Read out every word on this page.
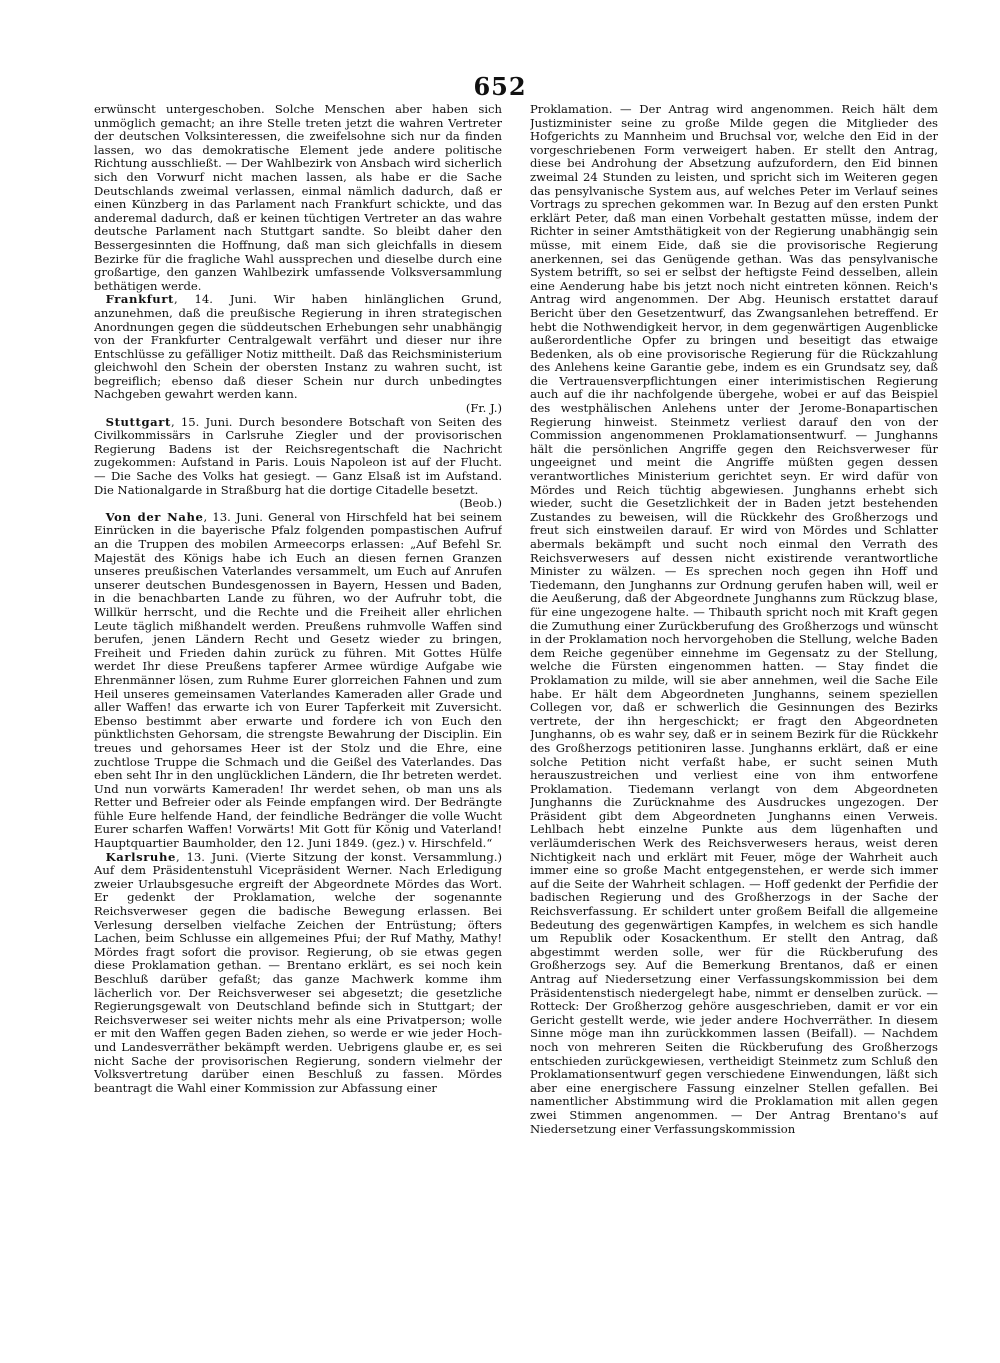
652

erwünscht untergeschoben. Solche Menschen aber haben sich unmöglich gemacht; an ihre Stelle treten jetzt die wahren Vertreter der deutschen Volksinteressen, die zweifelsohne sich nur da finden lassen, wo das demokratische Element jede andere politische Richtung ausschließt. — Der Wahlbezirk von Ansbach wird sicherlich sich den Vorwurf nicht machen lassen, als habe er die Sache Deutschlands zweimal verlassen, einmal nämlich dadurch, daß er einen Künzberg in das Parlament nach Frankfurt schickte, und das anderemal dadurch, daß er keinen tüchtigen Vertreter an das wahre deutsche Parlament nach Stuttgart sandte. So bleibt daher den Bessergesinnten die Hoffnung, daß man sich gleichfalls in diesem Bezirke für die fragliche Wahl aussprechen und dieselbe durch eine großartige, den ganzen Wahlbezirk umfassende Volksversammlung bethätigen werde.

 Frankfurt, 14. Juni. Wir haben hinlänglichen Grund, anzunehmen, daß die preußische Regierung in ihren strategischen Anordnungen gegen die süddeutschen Erhebungen sehr unabhängig von der Frankfurter Centralgewalt verfährt und dieser nur ihre Entschlüsse zu gefälliger Notiz mittheilt. Daß das Reichsministerium gleichwohl den Schein der obersten Instanz zu wahren sucht, ist begreiflich; ebenso daß dieser Schein nur durch unbedingtes Nachgeben gewahrt werden kann.
(Fr. J.)

 Stuttgart, 15. Juni. Durch besondere Botschaft von Seiten des Civilkommissärs in Carlsruhe Ziegler und der provisorischen Regierung Badens ist der Reichsregentschaft die Nachricht zugekommen: Aufstand in Paris. Louis Napoleon ist auf der Flucht. — Die Sache des Volks hat gesiegt. — Ganz Elsaß ist im Aufstand. Die Nationalgarde in Straßburg hat die dortige Citadelle besetzt.
(Beob.)

 Von der Nahe, 13. Juni. General von Hirschfeld hat bei seinem Einrücken in die bayerische Pfalz folgenden pompastischen Aufruf an die Truppen des mobilen Armeecorps erlassen: „Auf Befehl Sr. Majestät des Königs habe ich Euch an diesen fernen Granzen unseres preußischen Vaterlandes versammelt, um Euch auf Anrufen unserer deutschen Bundesgenossen in Bayern, Hessen und Baden, in die benachbarten Lande zu führen, wo der Aufruhr tobt, die Willkür herrscht, und die Rechte und die Freiheit aller ehrlichen Leute täglich mißhandelt werden. Preußens ruhmvolle Waffen sind berufen, jenen Ländern Recht und Gesetz wieder zu bringen, Freiheit und Frieden dahin zurück zu führen. Mit Gottes Hülfe werdet Ihr diese Preußens tapferer Armee würdige Aufgabe wie Ehrenmänner lösen, zum Ruhme Eurer glorreichen Fahnen und zum Heil unseres gemeinsamen Vaterlandes Kameraden aller Grade und aller Waffen! das erwarte ich von Eurer Tapferkeit mit Zuversicht. Ebenso bestimmt aber erwarte und fordere ich von Euch den pünktlichsten Gehorsam, die strengste Bewahrung der Disciplin. Ein treues und gehorsames Heer ist der Stolz und die Ehre, eine zuchtlose Truppe die Schmach und die Geißel des Vaterlandes. Das eben seht Ihr in den unglücklichen Ländern, die Ihr betreten werdet. Und nun vorwärts Kameraden! Ihr werdet sehen, ob man uns als Retter und Befreier oder als Feinde empfangen wird. Der Bedrängte fühle Eure helfende Hand, der feindliche Bedränger die volle Wucht Eurer scharfen Waffen! Vorwärts! Mit Gott für König und Vaterland! Hauptquartier Baumholder, den 12. Juni 1849. (gez.) v. Hirschfeld.“

 Karlsruhe, 13. Juni. (Vierte Sitzung der konst. Versammlung.) Auf dem Präsidentenstuhl Vicepräsident Werner. Nach Erledigung zweier Urlaubsgesuche ergreift der Abgeordnete Mördes das Wort. Er gedenkt der Proklamation, welche der sogenannte Reichsverweser gegen die badische Bewegung erlassen. Bei Verlesung derselben vielfache Zeichen der Entrüstung; öfters Lachen, beim Schlusse ein allgemeines Pfui; der Ruf Mathy, Mathy! Mördes fragt sofort die provisor. Regierung, ob sie etwas gegen diese Proklamation gethan. — Brentano erklärt, es sei noch kein Beschluß darüber gefaßt; das ganze Machwerk komme ihm lächerlich vor. Der Reichsverweser sei abgesetzt; die gesetzliche Regierungsgewalt von Deutschland befinde sich in Stuttgart; der Reichsverweser sei weiter nichts mehr als eine Privatperson; wolle er mit den Waffen gegen Baden ziehen, so werde er wie jeder Hoch- und Landesverräther bekämpft werden. Uebrigens glaube er, es sei nicht Sache der provisorischen Regierung, sondern vielmehr der Volksvertretung darüber einen Beschluß zu fassen. Mördes beantragt die Wahl einer Kommission zur Abfassung einer

Proklamation. — Der Antrag wird angenommen. Reich hält dem Justizminister seine zu große Milde gegen die Mitglieder des Hofgerichts zu Mannheim und Bruchsal vor, welche den Eid in der vorgeschriebenen Form verweigert haben. Er stellt den Antrag, diese bei Androhung der Absetzung aufzufordern, den Eid binnen zweimal 24 Stunden zu leisten, und spricht sich im Weiteren gegen das pensylvanische System aus, auf welches Peter im Verlauf seines Vortrags zu sprechen gekommen war. In Bezug auf den ersten Punkt erklärt Peter, daß man einen Vorbehalt gestatten müsse, indem der Richter in seiner Amtsthätigkeit von der Regierung unabhängig sein müsse, mit einem Eide, daß sie die provisorische Regierung anerkennen, sei das Genügende gethan. Was das pensylvanische System betrifft, so sei er selbst der heftigste Feind desselben, allein eine Aenderung habe bis jetzt noch nicht eintreten können. Reich's Antrag wird angenommen. Der Abg. Heunisch erstattet darauf Bericht über den Gesetzentwurf, das Zwangsanlehen betreffend. Er hebt die Nothwendigkeit hervor, in dem gegenwärtigen Augenblicke außerordentliche Opfer zu bringen und beseitigt das etwaige Bedenken, als ob eine provisorische Regierung für die Rückzahlung des Anlehens keine Garantie gebe, indem es ein Grundsatz sey, daß die Vertrauensverpflichtungen einer interimistischen Regierung auch auf die ihr nachfolgende übergehe, wobei er auf das Beispiel des westphälischen Anlehens unter der Jerome-Bonapartischen Regierung hinweist. Steinmetz verliest darauf den von der Commission angenommenen Proklamationsentwurf. — Junghanns hält die persönlichen Angriffe gegen den Reichsverweser für ungeeignet und meint die Angriffe müßten gegen dessen verantwortliches Ministerium gerichtet seyn. Er wird dafür von Mördes und Reich tüchtig abgewiesen. Junghanns erhebt sich wieder, sucht die Gesetzlichkeit der in Baden jetzt bestehenden Zustandes zu beweisen, will die Rückkehr des Großherzogs und freut sich einstweilen darauf. Er wird von Mördes und Schlatter abermals bekämpft und sucht noch einmal den Verrath des Reichsverwesers auf dessen nicht existirende verantwortliche Minister zu wälzen. — Es sprechen noch gegen ihn Hoff und Tiedemann, den Junghanns zur Ordnung gerufen haben will, weil er die Aeußerung, daß der Abgeordnete Junghanns zum Rückzug blase, für eine ungezogene halte. — Thibauth spricht noch mit Kraft gegen die Zumuthung einer Zurückberufung des Großherzogs und wünscht in der Proklamation noch hervorgehoben die Stellung, welche Baden dem Reiche gegenüber einnehme im Gegensatz zu der Stellung, welche die Fürsten eingenommen hatten. — Stay findet die Proklamation zu milde, will sie aber annehmen, weil die Sache Eile habe. Er hält dem Abgeordneten Junghanns, seinem speziellen Collegen vor, daß er schwerlich die Gesinnungen des Bezirks vertrete, der ihn hergeschickt; er fragt den Abgeordneten Junghanns, ob es wahr sey, daß er in seinem Bezirk für die Rückkehr des Großherzogs petitioniren lasse. Junghanns erklärt, daß er eine solche Petition nicht verfaßt habe, er sucht seinen Muth herauszustreichen und verliest eine von ihm entworfene Proklamation. Tiedemann verlangt von dem Abgeordneten Junghanns die Zurücknahme des Ausdruckes ungezogen. Der Präsident gibt dem Abgeordneten Junghanns einen Verweis. Lehlbach hebt einzelne Punkte aus dem lügenhaften und verläumderischen Werk des Reichsverwesers heraus, weist deren Nichtigkeit nach und erklärt mit Feuer, möge der Wahrheit auch immer eine so große Macht entgegenstehen, er werde sich immer auf die Seite der Wahrheit schlagen. — Hoff gedenkt der Perfidie der badischen Regierung und des Großherzogs in der Sache der Reichsverfassung. Er schildert unter großem Beifall die allgemeine Bedeutung des gegenwärtigen Kampfes, in welchem es sich handle um Republik oder Kosackenthum. Er stellt den Antrag, daß abgestimmt werden solle, wer für die Rückberufung des Großherzogs sey. Auf die Bemerkung Brentanos, daß er einen Antrag auf Niedersetzung einer Verfassungskommission bei dem Präsidentenstisch niedergelegt habe, nimmt er denselben zurück. — Rotteck: Der Großherzog gehöre ausgeschrieben, damit er vor ein Gericht gestellt werde, wie jeder andere Hochverräther. In diesem Sinne möge man ihn zurückkommen lassen (Beifall). — Nachdem noch von mehreren Seiten die Rückberufung des Großherzogs entschieden zurückgewiesen, vertheidigt Steinmetz zum Schluß den Proklamationsentwurf gegen verschiedene Einwendungen, läßt sich aber eine energischere Fassung einzelner Stellen gefallen. Bei namentlicher Abstimmung wird die Proklamation mit allen gegen zwei Stimmen angenommen. — Der Antrag Brentano's auf Niedersetzung einer Verfassungskommission
